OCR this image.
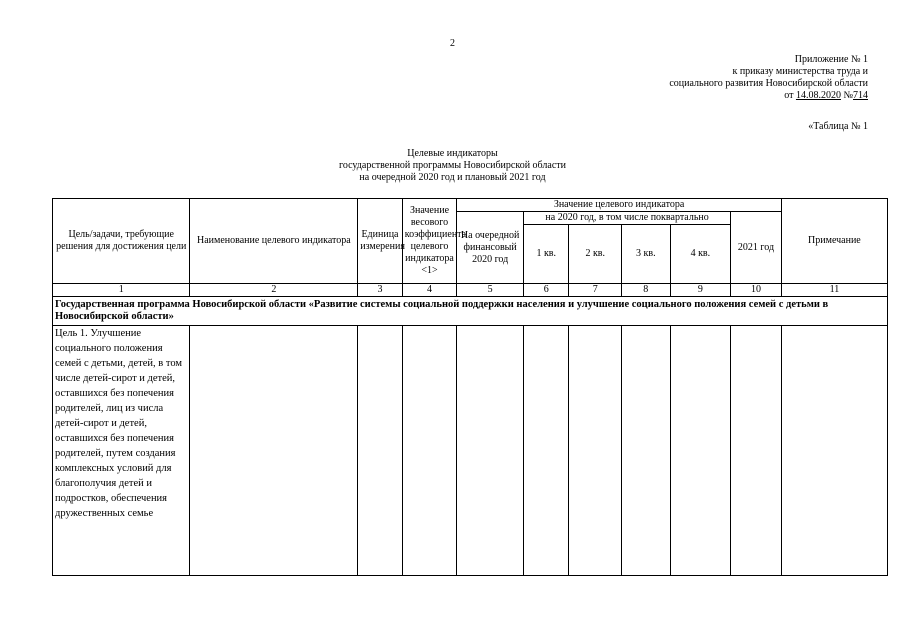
2
Приложение № 1
к приказу министерства труда и
социального развития Новосибирской области
от 14.08.2020 №714
«Таблица № 1
Целевые индикаторы
государственной программы Новосибирской области
на очередной 2020 год и плановый 2021 год
Цель/задачи, требующие решения для достижения цели	Наименование целевого индикатора	Единица измерения	Значение весового коэффициента целевого индикатора <1>	Значение целевого индикатора						Примечание
				На очередной финансовый 2020 год	на 2020 год, в том числе поквартально				2021 год	
					1 кв.	2 кв.	3 кв.	4 кв.		
1	2	3	4	5	6	7	8	9	10	11
Государственная программа Новосибирской области «Развитие системы социальной поддержки населения и улучшение социального положения семей с детьми в Новосибирской области»										
Цель 1. Улучшение социального положения семей с детьми, детей, в том числе детей-сирот и детей, оставшихся без попечения родителей, лиц из числа детей-сирот и детей, оставшихся без попечения родителей, путем создания комплексных условий для благополучия детей и подростков, обеспечения дружественных семье										
